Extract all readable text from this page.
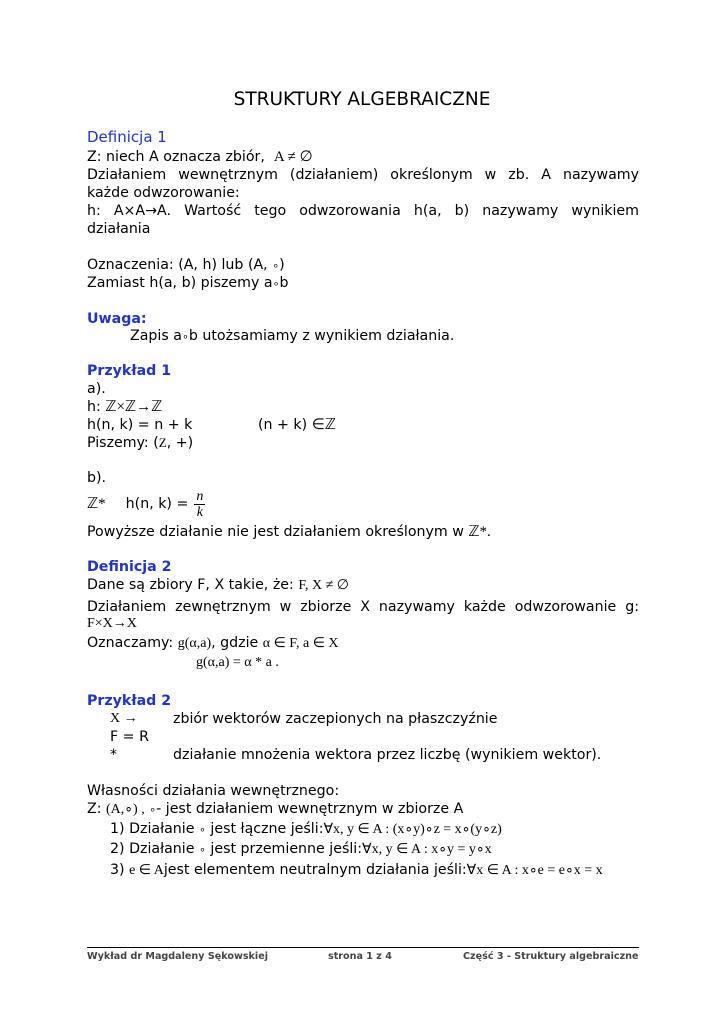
STRUKTURY ALGEBRAICZNE
Definicja 1
Z: niech A oznacza zbiór, A ≠ ∅
Działaniem wewnętrznym (działaniem) określonym w zb. A nazywamy
każde odwzorowanie:
h: A×A→A. Wartość tego odwzorowania h(a, b) nazywamy wynikiem
działania
Oznaczenia: (A, h) lub (A, ∘)
Zamiast h(a, b) piszemy a∘b
Uwaga:
Zapis a∘b utożsamiamy z wynikiem działania.
Przykład 1
a).
h: ℤ×ℤ→ℤ
h(n, k) = n + k	(n + k) ∈ℤ
Piszemy: (Z, +)
b).
ℤ* h(n, $k) = \frac{n}{k}$
Powyższe działanie nie jest działaniem określonym w ℤ*.
Definicja 2
Dane są zbiory F, X takie, że: F, X ≠ ∅
Działaniem zewnętrznym w zbiorze X nazywamy każde odwzorowanie g:
F×X→X
Oznaczamy: g(α,a), gdzie α ∈ F, a ∈ X
g(α,a) = α * a .
Przykład 2
X → zbiór wektorów zaczepionych na płaszczyźnie
F = R
*	działanie mnożenia wektora przez liczbę (wynikiem wektor).
Własności działania wewnętrznego:
Z: (A,∘) , ∘- jest działaniem wewnętrznym w zbiorze A
1) Działanie ∘ jest łączne jeśli:∀x, y ∈ A : (x∘y)∘z = x∘(y∘z)
2) Działanie ∘ jest przemienne jeśli:∀x, y ∈ A : x∘y = y∘x
3) e ∈ Ajest elementem neutralnym działania jeśli:∀x ∈ A : x∘e = e∘x = x
Wykład dr Magdaleny Sękowskiej	strona 1 z 4	Część 3 - Struktury algebraiczne
